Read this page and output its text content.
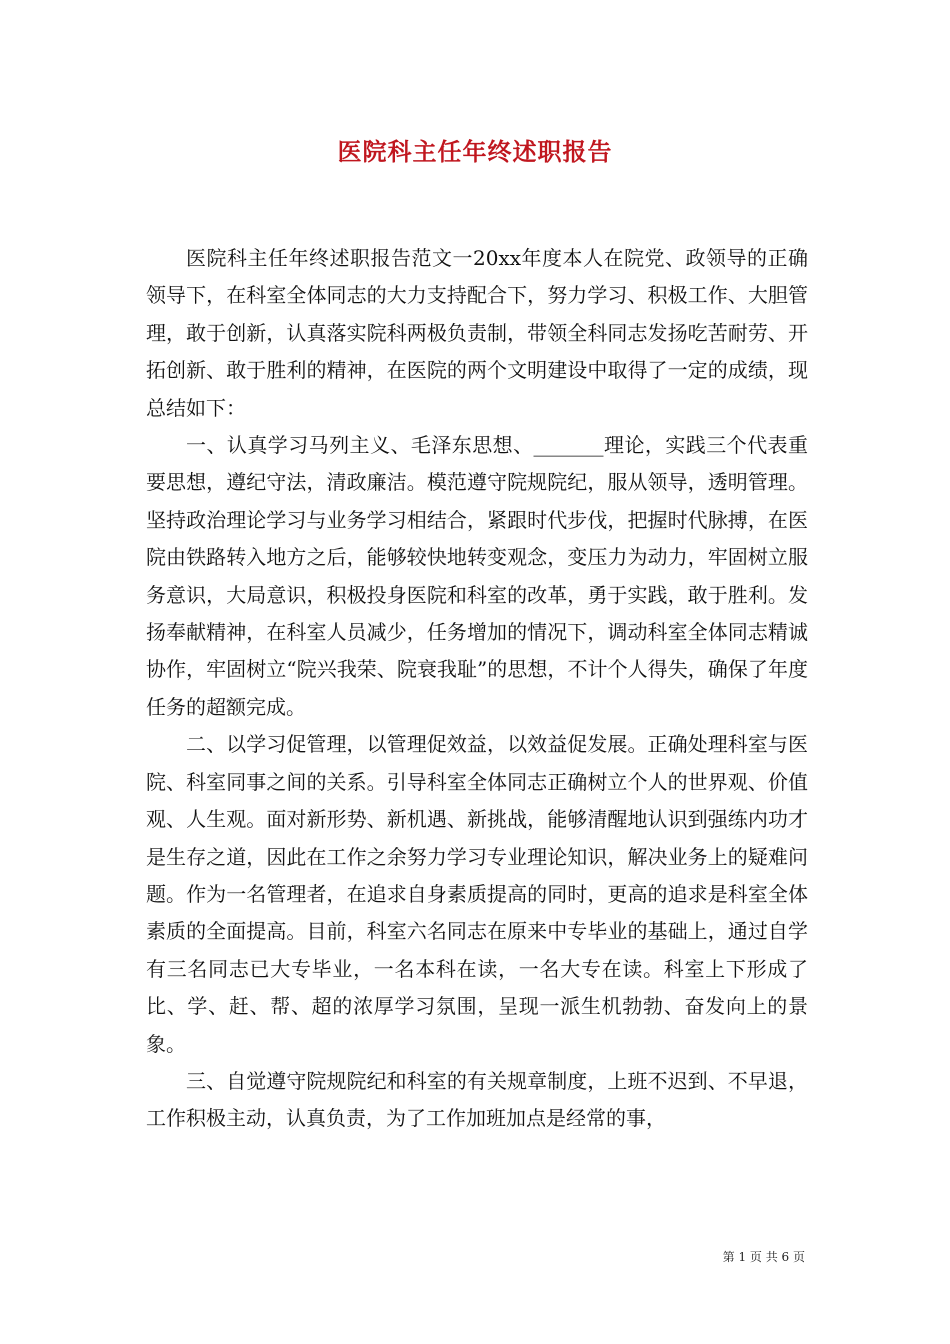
医院科主任年终述职报告

医院科主任年终述职报告范文一20xx年度本人在院党、政领导的正确领导下，在科室全体同志的大力支持配合下，努力学习、积极工作、大胆管理，敢于创新，认真落实院科两极负责制，带领全科同志发扬吃苦耐劳、开拓创新、敢于胜利的精神，在医院的两个文明建设中取得了一定的成绩，现总结如下：

一、认真学习马列主义、毛泽东思想、_______理论，实践三个代表重要思想，遵纪守法，清政廉洁。模范遵守院规院纪，服从领导，透明管理。坚持政治理论学习与业务学习相结合，紧跟时代步伐，把握时代脉搏，在医院由铁路转入地方之后，能够较快地转变观念，变压力为动力，牢固树立服务意识，大局意识，积极投身医院和科室的改革，勇于实践，敢于胜利。发扬奉献精神，在科室人员减少，任务增加的情况下，调动科室全体同志精诚协作，牢固树立“院兴我荣、院衰我耻”的思想，不计个人得失，确保了年度任务的超额完成。

二、以学习促管理，以管理促效益，以效益促发展。正确处理科室与医院、科室同事之间的关系。引导科室全体同志正确树立个人的世界观、价值观、人生观。面对新形势、新机遇、新挑战，能够清醒地认识到强练内功才是生存之道，因此在工作之余努力学习专业理论知识，解决业务上的疑难问题。作为一名管理者，在追求自身素质提高的同时，更高的追求是科室全体素质的全面提高。目前，科室六名同志在原来中专毕业的基础上，通过自学有三名同志已大专毕业，一名本科在读，一名大专在读。科室上下形成了比、学、赶、帮、超的浓厚学习氛围，呈现一派生机勃勃、奋发向上的景象。

三、自觉遵守院规院纪和科室的有关规章制度，上班不迟到、不早退，工作积极主动，认真负责，为了工作加班加点是经常的事，

第 1 页 共 6 页
